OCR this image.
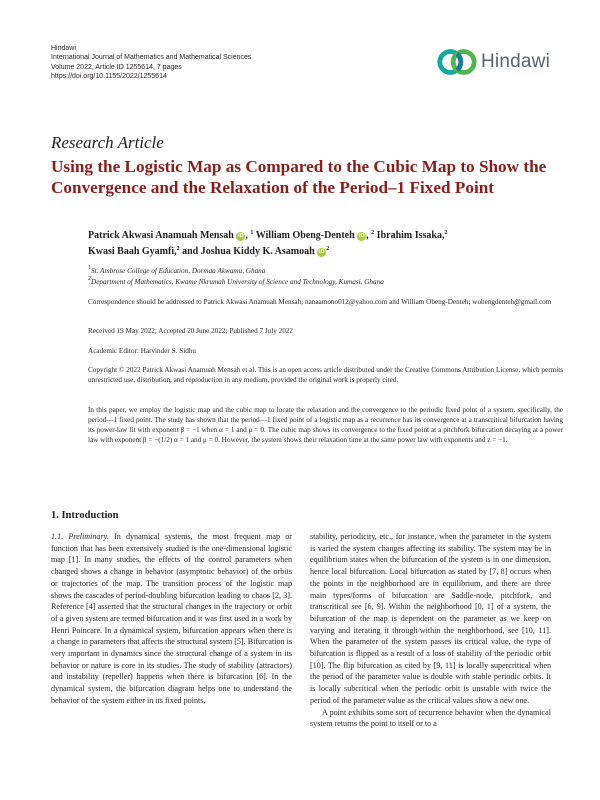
Hindawi
International Journal of Mathematics and Mathematical Sciences
Volume 2022, Article ID 1255614, 7 pages
https://doi.org/10.1155/2022/1255614
Hindawi
Research Article
Using the Logistic Map as Compared to the Cubic Map to Show the Convergence and the Relaxation of the Period–1 Fixed Point
Patrick Akwasi Anamuah Mensah iD , $^1$ William Obeng-Denteh iD , $^2$ Ibrahim Issaka,$^2$
Kwasi Baah Gyamfi,$^2$ and Joshua Kiddy K. Asamoah iD $^2$
$^1$St. Ambrose College of Education, Dormaa Akwamu, Ghana
$^2$Department of Mathematics, Kwame Nkrumah University of Science and Technology, Kumasi, Ghana
Correspondence should be addressed to Patrick Akwasi Anamuah Mensah; nanaamono012@yahoo.com and William Obeng-Denteh; wobengdenteh@gmail.com
Received 19 May 2022; Accepted 20 June 2022; Published 7 July 2022
Academic Editor: Harvinder S. Sidhu
Copyright © 2022 Patrick Akwasi Anamuah Mensah et al. This is an open access article distributed under the Creative Commons Attribution License, which permits unrestricted use, distribution, and reproduction in any medium, provided the original work is properly cited.
In this paper, we employ the logistic map and the cubic map to locate the relaxation and the convergence to the periodic fixed point of a system, specifically, the period—1 fixed point. The study has shown that the period—1 fixed point of a logistic map as a recurrence has its convergence at a transcritical bifurcation having its power-law fit with exponent β = −1 when α = 1 and μ = 0. The cubic map shows its convergence to the fixed point at a pitchfork bifurcation decaying at a power law with exponent β = −(1/2) α = 1 and μ = 0. However, the system shows their relaxation time at the same power law with exponents and z = −1.
1. Introduction

1.1. Preliminary. In dynamical systems, the most frequent map or function that has been extensively studied is the one-dimensional logistic map [1]. In many studies, the effects of the control parameters when changed shows a change in behavior (asymptotic behavior) of the orbits or trajectories of the map. The transition process of the logistic map shows the cascades of period-doubling bifurcation leading to chaos [2, 3]. Reference [4] asserted that the structural changes in the trajectory or orbit of a given system are termed bifurcation and it was first used in a work by Henri Poincare. In a dynamical system, bifurcation appears when there is a change in parameters that affects the structural system [5]. Bifurcation is very important in dynamics since the structural change of a system in its behavior or nature is core in its studies. The study of stability (attractors) and instability (repeller) happens when there is bifurcation [6]. In the dynamical system, the bifurcation diagram helps one to understand the behavior of the system either in its fixed points,

stability, periodicity, etc., for instance, when the parameter in the system is varied the system changes affecting its stability. The system may be in equilibrium states when the bifurcation of the system is in one dimension, hence local bifurcation. Local bifurcation as stated by [7, 8] occurs when the points in the neighborhood are in equilibrium, and there are three main types/forms of bifurcation are Saddle-node, pitchfork, and transcritical see [6, 9]. Within the neighborhood [0, 1] of a system, the bifurcation of the map is dependent on the parameter as we keep on varying and iterating it through/within the neighborhood, see [10, 11]. When the parameter of the system passes its critical value, the type of bifurcation is flipped as a result of a loss of stability of the periodic orbit [10]. The flip bifurcation as cited by [9, 11] is locally supercritical when the period of the parameter value is double with stable periodic orbits. It is locally subcritical when the periodic orbit is unstable with twice the period of the parameter value as the critical values show a new one.

A point exhibits some sort of recurrence behavior when the dynamical system returns the point to itself or to a
